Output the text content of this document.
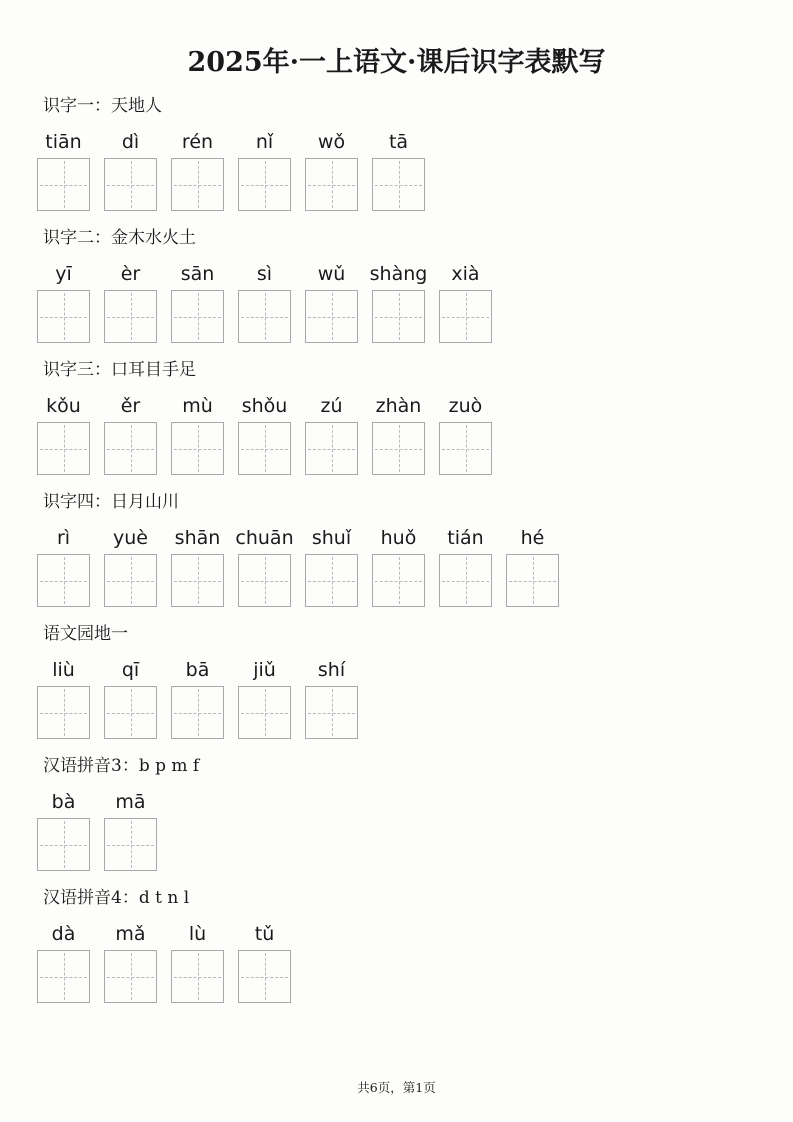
2025年·一上语文·课后识字表默写
识字一：天地人
tiān dì rén nǐ wǒ tā
识字二：金木水火土
yī	èr sān sì wǔ shàng xià
识字三：口耳目手足
kǒu ěr mù shǒu zú zhàn zuò
识字四：日月山川
rì yuè shān chuān shuǐ huǒ tián hé
语文园地一
liù qī bā jiǔ shí
汉语拼音3：b p m f
bà mā
汉语拼音4：d t n l
dà mǎ lù	tǔ
共6页，第1页
